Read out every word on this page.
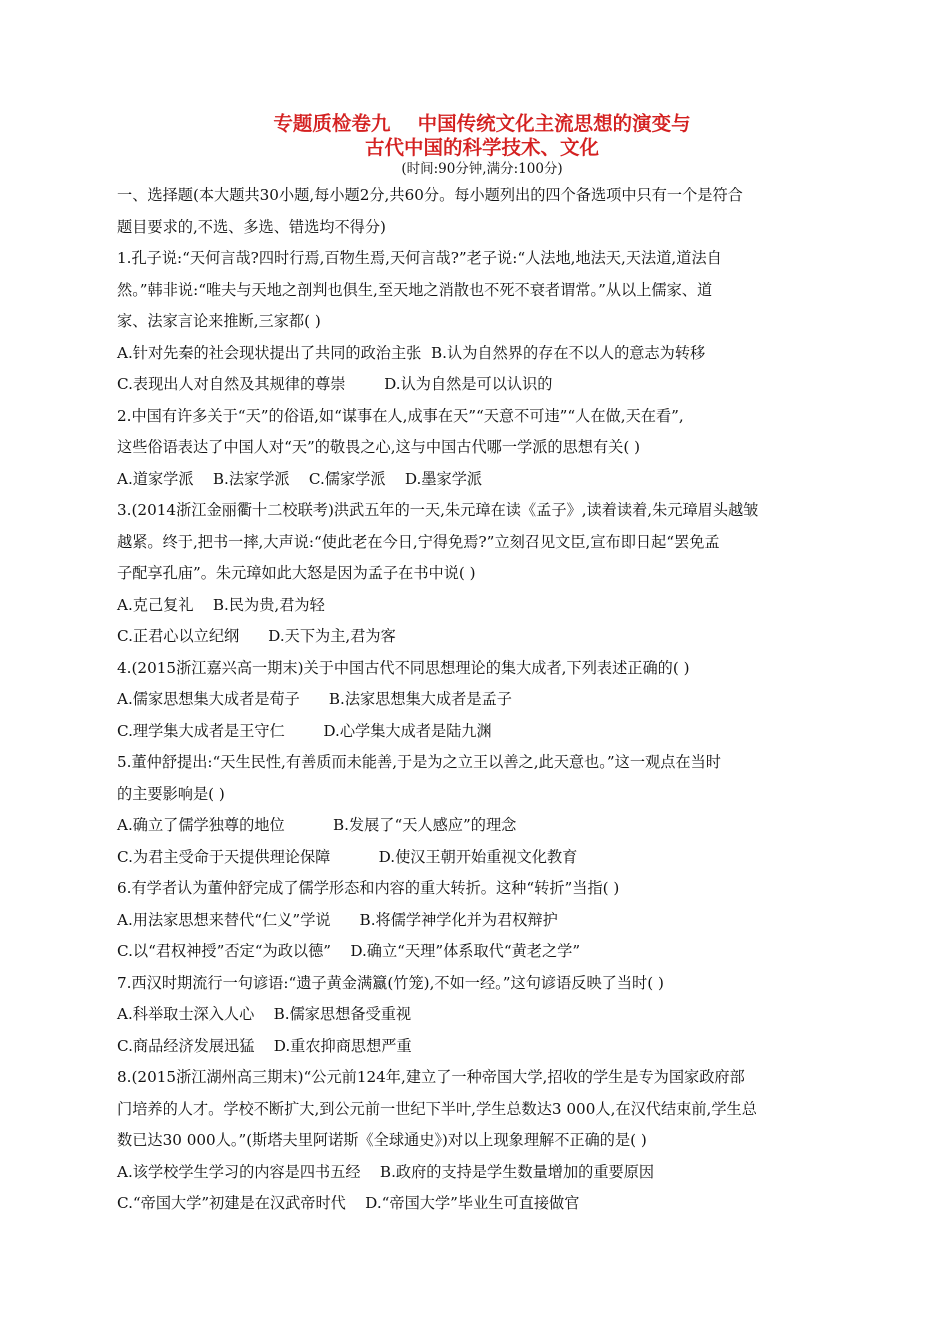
专题质检卷九    中国传统文化主流思想的演变与
古代中国的科学技术、文化
(时间:90分钟,满分:100分)
一、选择题(本大题共30小题,每小题2分,共60分。每小题列出的四个备选项中只有一个是符合
题目要求的,不选、多选、错选均不得分)
1.孔子说:“天何言哉?四时行焉,百物生焉,天何言哉?”老子说:“人法地,地法天,天法道,道法自
然。”韩非说:“唯夫与天地之剖判也俱生,至天地之消散也不死不衰者谓常。”从以上儒家、道
家、法家言论来推断,三家都( )
A.针对先秦的社会现状提出了共同的政治主张  B.认为自然界的存在不以人的意志为转移
C.表现出人对自然及其规律的尊崇        D.认为自然是可以认识的
2.中国有许多关于“天”的俗语,如“谋事在人,成事在天”“天意不可违”“人在做,天在看”,
这些俗语表达了中国人对“天”的敬畏之心,这与中国古代哪一学派的思想有关( )
A.道家学派    B.法家学派    C.儒家学派    D.墨家学派
3.(2014浙江金丽衢十二校联考)洪武五年的一天,朱元璋在读《孟子》,读着读着,朱元璋眉头越皱
越紧。终于,把书一摔,大声说:“使此老在今日,宁得免焉?”立刻召见文臣,宣布即日起“罢免孟
子配享孔庙”。朱元璋如此大怒是因为孟子在书中说( )
A.克己复礼    B.民为贵,君为轻
C.正君心以立纪纲      D.天下为主,君为客
4.(2015浙江嘉兴高一期末)关于中国古代不同思想理论的集大成者,下列表述正确的( )
A.儒家思想集大成者是荀子      B.法家思想集大成者是孟子
C.理学集大成者是王守仁        D.心学集大成者是陆九渊
5.董仲舒提出:“天生民性,有善质而未能善,于是为之立王以善之,此天意也。”这一观点在当时
的主要影响是( )
A.确立了儒学独尊的地位          B.发展了“天人感应”的理念
C.为君主受命于天提供理论保障          D.使汉王朝开始重视文化教育
6.有学者认为董仲舒完成了儒学形态和内容的重大转折。这种“转折”当指( )
A.用法家思想来替代“仁义”学说      B.将儒学神学化并为君权辩护
C.以“君权神授”否定“为政以德”    D.确立“天理”体系取代“黄老之学”
7.西汉时期流行一句谚语:“遗子黄金满籝(竹笼),不如一经。”这句谚语反映了当时( )
A.科举取士深入人心    B.儒家思想备受重视
C.商品经济发展迅猛    D.重农抑商思想严重
8.(2015浙江湖州高三期末)“公元前124年,建立了一种帝国大学,招收的学生是专为国家政府部
门培养的人才。学校不断扩大,到公元前一世纪下半叶,学生总数达3 000人,在汉代结束前,学生总
数已达30 000人。”(斯塔夫里阿诺斯《全球通史》)对以上现象理解不正确的是( )
A.该学校学生学习的内容是四书五经    B.政府的支持是学生数量增加的重要原因
C.“帝国大学”初建是在汉武帝时代    D.“帝国大学”毕业生可直接做官
